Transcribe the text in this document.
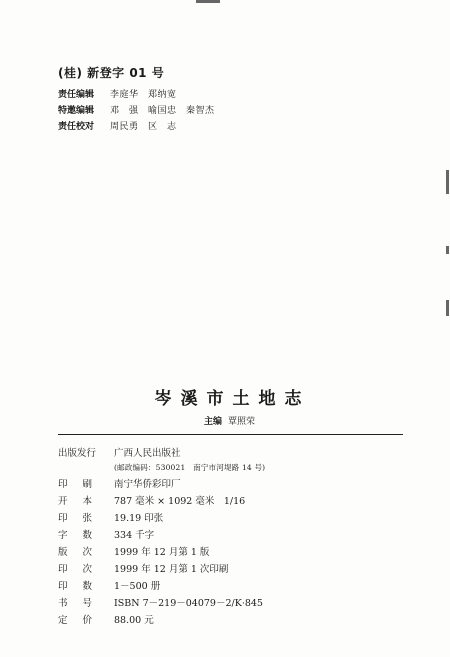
(桂) 新登字 01 号
责任编辑 李庭华　郑纳宽
特邀编辑 邓　强　喻国忠　秦智杰
责任校对 周民勇　区　志
岑溪市土地志
主编 覃照荣
出版发行 广西人民出版社
(邮政编码：530021　南宁市河堤路 14 号)
印刷 南宁华侨彩印厂
开本 787 毫米 × 1092 毫米　1/16
印张 19.19 印张
字数 334 千字
版次 1999 年 12 月第 1 版
印次 1999 年 12 月第 1 次印刷
印数 1－500 册
书号 ISBN 7－219－04079－2/K·845
定价 88.00 元
